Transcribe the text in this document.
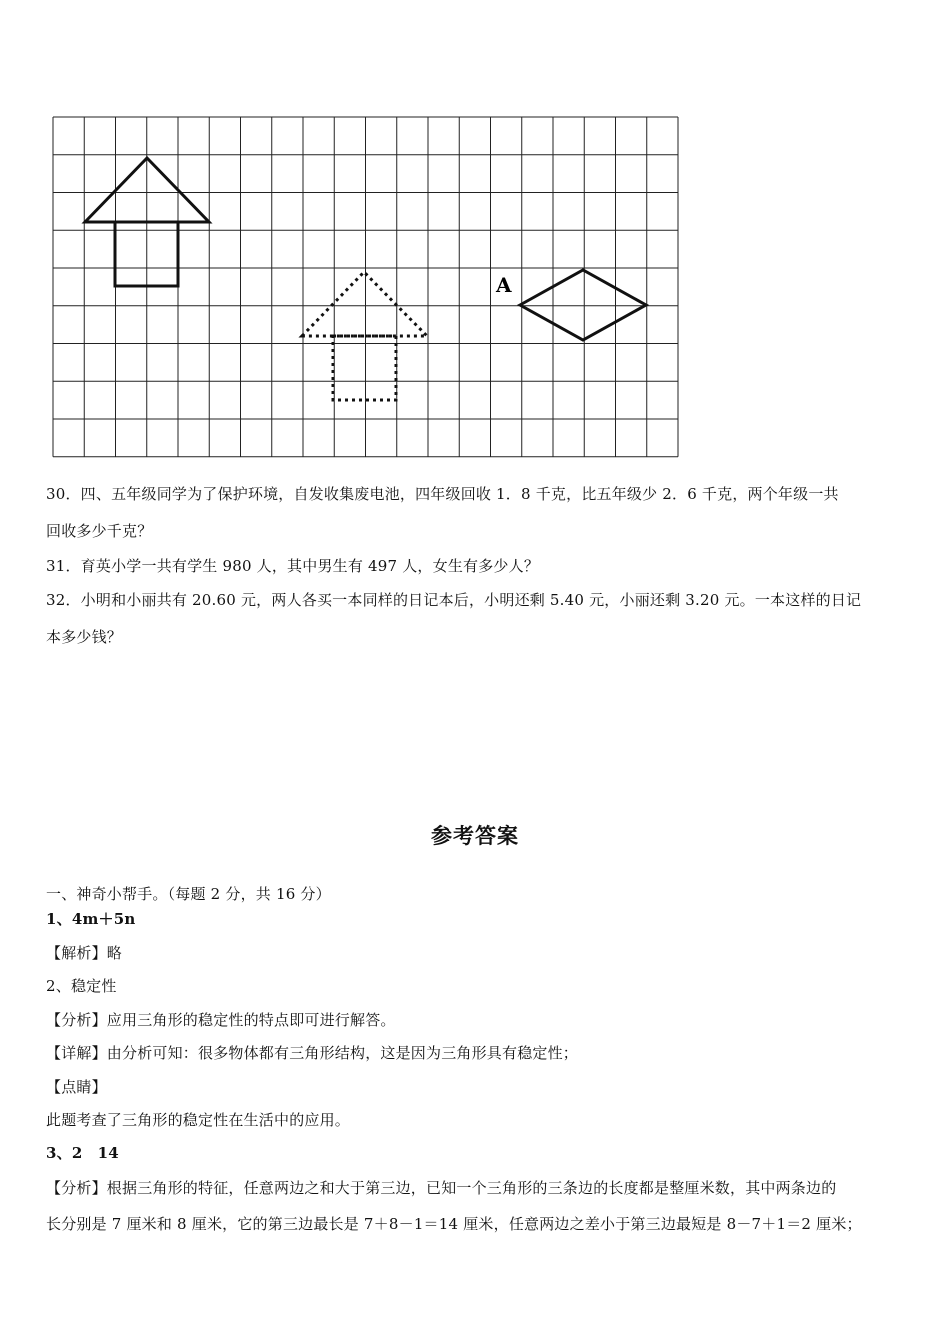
A
30．四、五年级同学为了保护环境，自发收集废电池，四年级回收 1．8 千克，比五年级少 2．6 千克，两个年级一共
回收多少千克？
31．育英小学一共有学生 980 人，其中男生有 497 人，女生有多少人？
32．小明和小丽共有 20.60 元，两人各买一本同样的日记本后，小明还剩 5.40 元，小丽还剩 3.20 元。一本这样的日记
本多少钱？
参考答案
一、神奇小帮手。（每题 2 分，共 16 分）
1、4m＋5n
【解析】略
2、稳定性
【分析】应用三角形的稳定性的特点即可进行解答。
【详解】由分析可知：很多物体都有三角形结构，这是因为三角形具有稳定性；
【点睛】
此题考查了三角形的稳定性在生活中的应用。
3、2　14
【分析】根据三角形的特征，任意两边之和大于第三边，已知一个三角形的三条边的长度都是整厘米数，其中两条边的
长分别是 7 厘米和 8 厘米，它的第三边最长是 7＋8－1＝14 厘米，任意两边之差小于第三边最短是 8－7＋1＝2 厘米；
